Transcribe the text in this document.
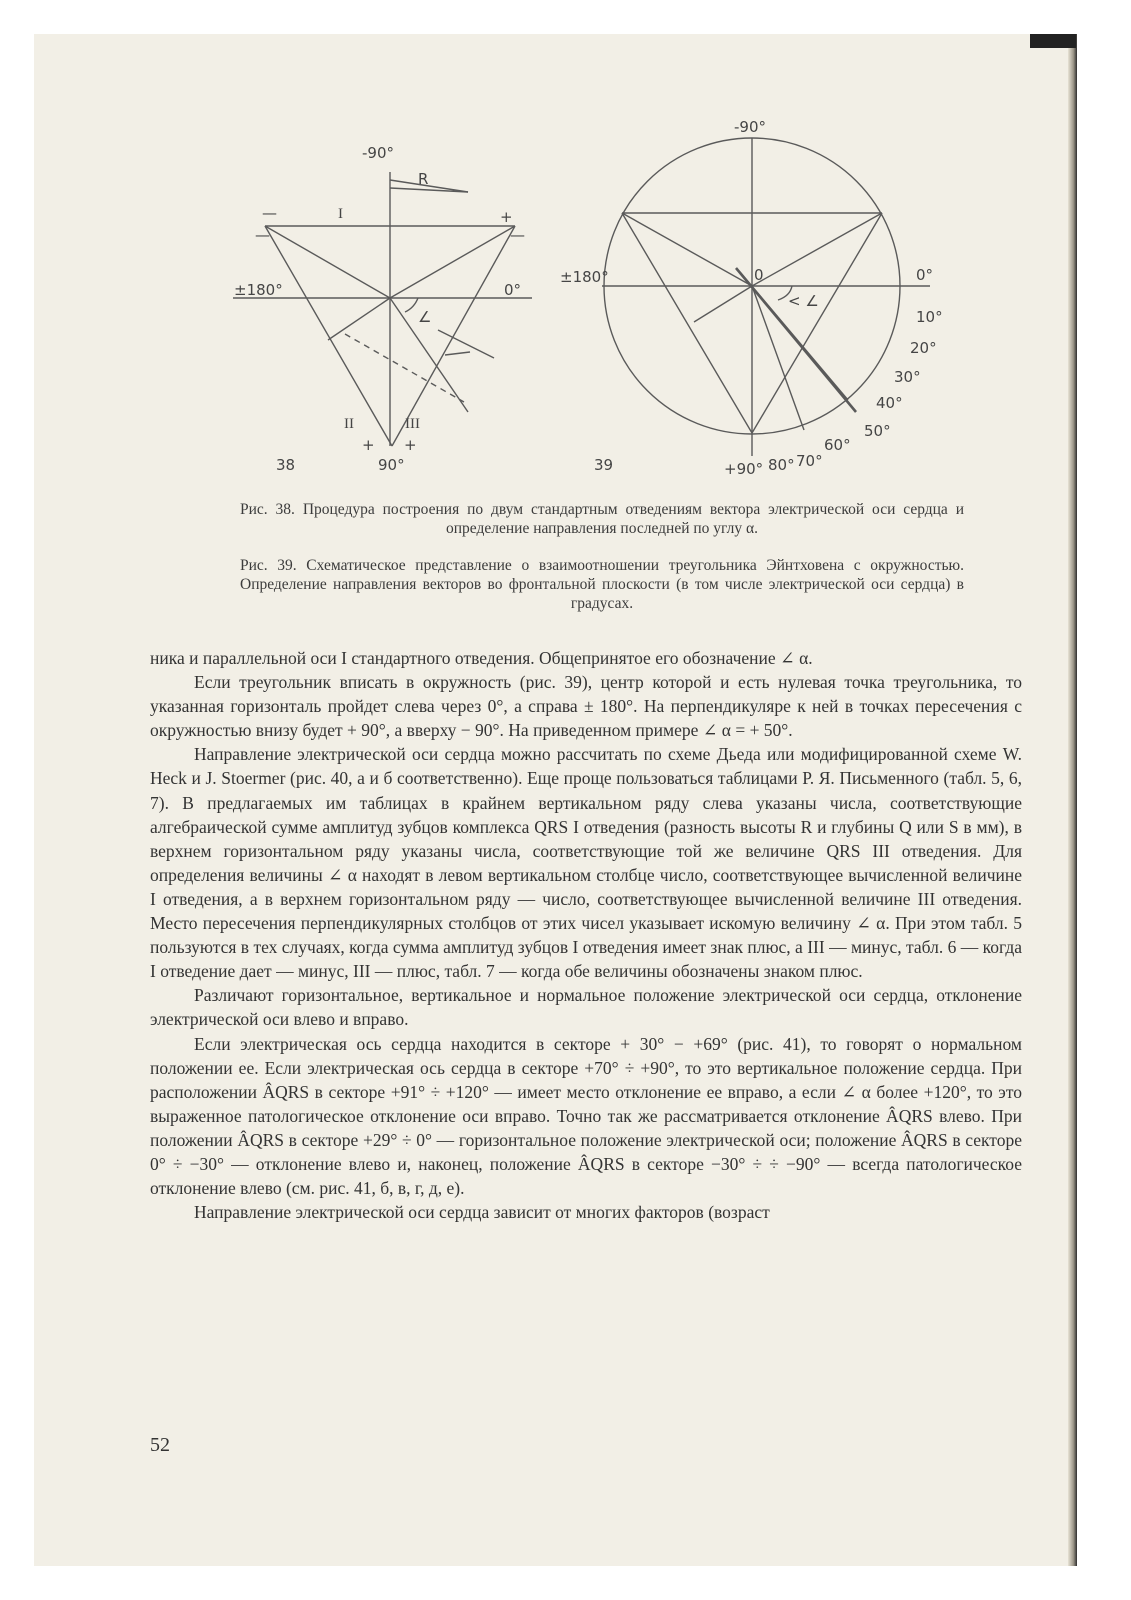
-90°
±180°	0°
90°
I
II	III
R
∠
—	+
—
—
+ +
38
-90°
±180°	0	0°
< ∠
10°
20°
30°
40°
50°
60°
70°
80°
+90°
39
Рис. 38. Процедура построения по двум стандартным отведениям вектора электрической оси сердца и определение направления последней по углу α.
Рис. 39. Схематическое представление о взаимоотношении треугольника Эйнтховена с окружностью. Определение направления векторов во фронтальной плоскости (в том числе электрической оси сердца) в градусах.

ника и параллельной оси I стандартного отведения. Общепринятое его обозначение ∠ α.

Если треугольник вписать в окружность (рис. 39), центр которой и есть нулевая точка треугольника, то указанная горизонталь пройдет слева через 0°, а справа ± 180°. На перпендикуляре к ней в точках пересечения с окружностью внизу будет + 90°, а вверху − 90°. На приведенном примере ∠ α = + 50°.

Направление электрической оси сердца можно рассчитать по схеме Дьеда или модифицированной схеме W. Heck и J. Stoermer (рис. 40, а и б соответственно). Еще проще пользоваться таблицами Р. Я. Письменного (табл. 5, 6, 7). В предлагаемых им таблицах в крайнем вертикальном ряду слева указаны числа, соответствующие алгебраической сумме амплитуд зубцов комплекса QRS I отведения (разность высоты R и глубины Q или S в мм), в верхнем горизонтальном ряду указаны числа, соответствующие той же величине QRS III отведения. Для определения величины ∠ α находят в левом вертикальном столбце число, соответствующее вычисленной величине I отведения, а в верхнем горизонтальном ряду — число, соответствующее вычисленной величине III отведения. Место пересечения перпендикулярных столбцов от этих чисел указывает искомую величину ∠ α. При этом табл. 5 пользуются в тех случаях, когда сумма амплитуд зубцов I отведения имеет знак плюс, а III — минус, табл. 6 — когда I отведение дает — минус, III — плюс, табл. 7 — когда обе величины обозначены знаком плюс.

Различают горизонтальное, вертикальное и нормальное положение электрической оси сердца, отклонение электрической оси влево и вправо.

Если электрическая ось сердца находится в секторе + 30° − +69° (рис. 41), то говорят о нормальном положении ее. Если электрическая ось сердца в секторе +70° ÷ +90°, то это вертикальное положение сердца. При расположении ÂQRS в секторе +91° ÷ +120° — имеет место отклонение ее вправо, а если ∠ α более +120°, то это выраженное патологическое отклонение оси вправо. Точно так же рассматривается отклонение ÂQRS влево. При положении ÂQRS в секторе +29° ÷ 0° — горизонтальное положение электрической оси; положение ÂQRS в секторе 0° ÷ −30° — отклонение влево и, наконец, положение ÂQRS в секторе −30° ÷ ÷ −90° — всегда патологическое отклонение влево (см. рис. 41, б, в, г, д, е).

Направление электрической оси сердца зависит от многих факторов (возраст

52
